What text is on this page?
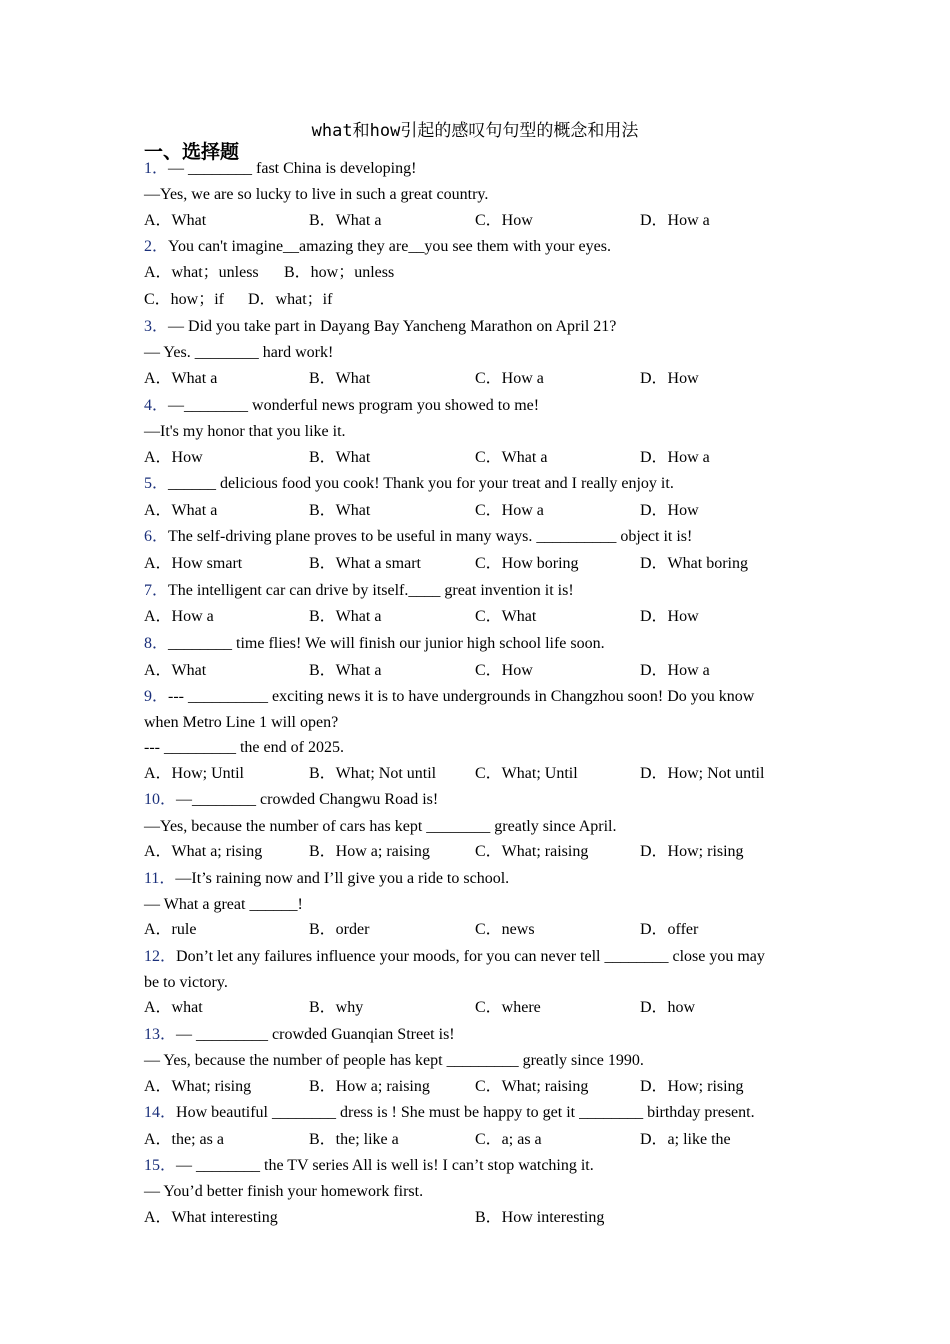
what和how引起的感叹句句型的概念和用法
一、选择题
1．— ________ fast China is developing!
—Yes, we are so lucky to live in such a great country.
A．What	B．What a	C．How	D．How a
2．You can't imagine__amazing they are__you see them with your eyes.
A．what；unless B．how；unless
C．how；if D．what；if
3．— Did you take part in Dayang Bay Yancheng Marathon on April 21?
— Yes. ________ hard work!
A．What a	B．What	C．How a	D．How
4．—________ wonderful news program you showed to me!
—It's my honor that you like it.
A．How	B．What	C．What a	D．How a
5．______ delicious food you cook! Thank you for your treat and I really enjoy it.
A．What a	B．What	C．How a	D．How
6．The self-driving plane proves to be useful in many ways. __________ object it is!
A．How smart	B．What a smart	C．How boring	D．What boring
7．The intelligent car can drive by itself.____ great invention it is!
A．How a	B．What a	C．What	D．How
8．________ time flies! We will finish our junior high school life soon.
A．What	B．What a	C．How	D．How a
9．--- __________ exciting news it is to have undergrounds in Changzhou soon! Do you know
when Metro Line 1 will open?
--- _________ the end of 2025.
A．How; Until	B．What; Not until C．What; Until	D．How; Not until
10．—________ crowded Changwu Road is!
—Yes, because the number of cars has kept ________ greatly since April.
A．What a; rising	B．How a; raising	C．What; raising	D．How; rising
11．—It’s raining now and I’ll give you a ride to school.
— What a great ______!
A．rule	B．order	C．news	D．offer
12．Don’t let any failures influence your moods, for you can never tell ________ close you may
be to victory.
A．what	B．why	C．where	D．how
13．— _________ crowded Guanqian Street is!
— Yes, because the number of people has kept _________ greatly since 1990.
A．What; rising	B．How a; raising	C．What; raising	D．How; rising
14．How beautiful ________ dress is ! She must be happy to get it ________ birthday present.
A．the; as a	B．the; like a	C．a; as a	D．a; like the
15．— ________ the TV series All is well is! I can’t stop watching it.
— You’d better finish your homework first.
A．What interesting	B．How interesting
